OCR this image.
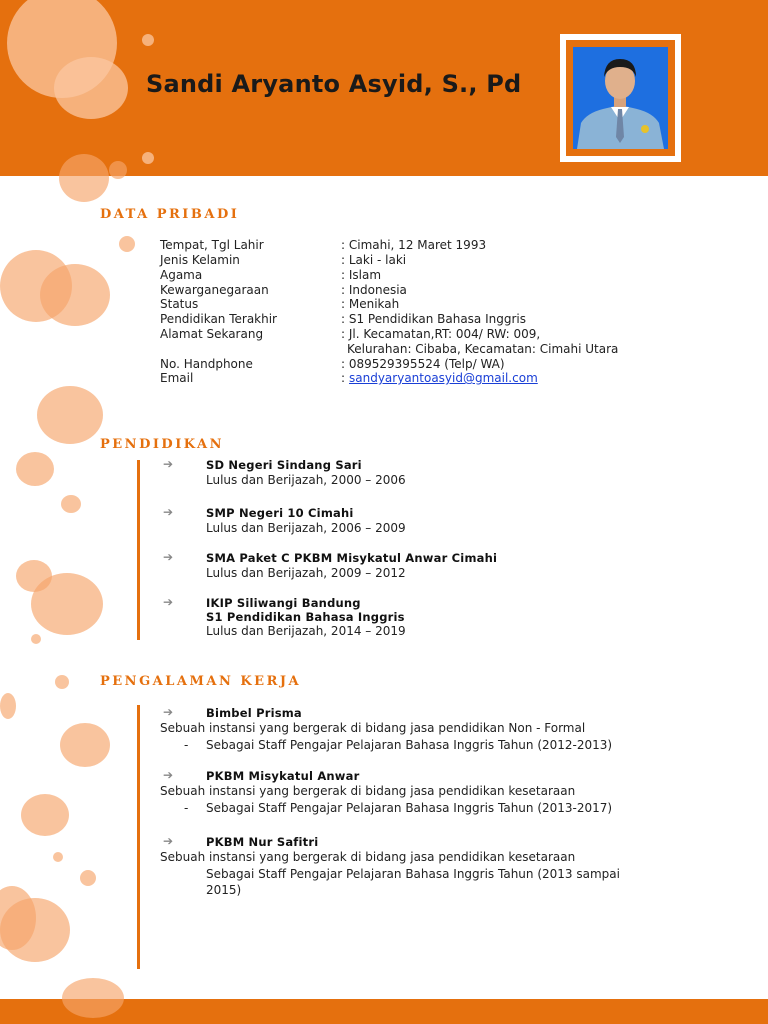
Sandi Aryanto Asyid, S., Pd
DATA PRIBADI
Tempat, Tgl Lahir	: Cimahi, 12 Maret 1993
Jenis Kelamin	: Laki - laki
Agama	: Islam
Kewarganegaraan	: Indonesia
Status	: Menikah
Pendidikan Terakhir	: S1 Pendidikan Bahasa Inggris
Alamat Sekarang	: Jl. Kecamatan,RT: 004/ RW: 009,
Kelurahan: Cibaba, Kecamatan: Cimahi Utara
No. Handphone	: 089529395524 (Telp/ WA)
Email	: sandyaryantoasyid@gmail.com
PENDIDIKAN
➔	SD Negeri Sindang Sari
Lulus dan Berijazah, 2000 – 2006
➔	SMP Negeri 10 Cimahi
Lulus dan Berijazah, 2006 – 2009
➔	SMA Paket C PKBM Misykatul Anwar Cimahi
Lulus dan Berijazah, 2009 – 2012
➔	IKIP Siliwangi Bandung
S1 Pendidikan Bahasa Inggris
Lulus dan Berijazah, 2014 – 2019
PENGALAMAN KERJA
➔	Bimbel Prisma
Sebuah instansi yang bergerak di bidang jasa pendidikan Non - Formal
- Sebagai Staff Pengajar Pelajaran Bahasa Inggris Tahun (2012-2013)
➔	PKBM Misykatul Anwar
Sebuah instansi yang bergerak di bidang jasa pendidikan kesetaraan
- Sebagai Staff Pengajar Pelajaran Bahasa Inggris Tahun (2013-2017)
➔	PKBM Nur Safitri
Sebuah instansi yang bergerak di bidang jasa pendidikan kesetaraan
Sebagai Staff Pengajar Pelajaran Bahasa Inggris Tahun (2013 sampai
2015)
